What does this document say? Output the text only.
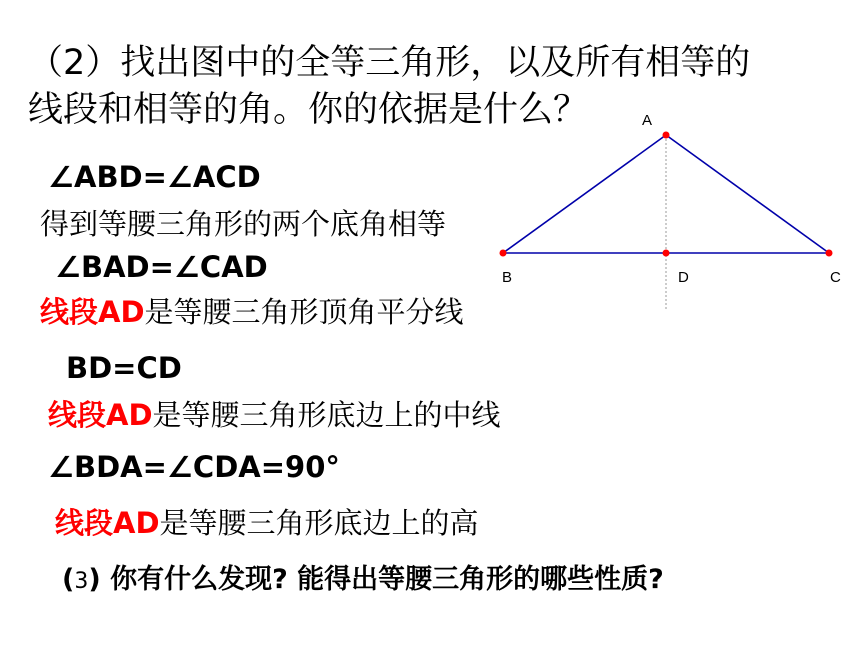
（2）找出图中的全等三角形，以及所有相等的
线段和相等的角。你的依据是什么？
∠ABD=∠ACD
得到等腰三角形的两个底角相等
∠BAD=∠CAD
线段AD是等腰三角形顶角平分线
BD=CD
线段AD是等腰三角形底边上的中线
∠BDA=∠CDA=90°
线段AD是等腰三角形底边上的高
(3) 你有什么发现? 能得出等腰三角形的哪些性质?
A
B	D	C
